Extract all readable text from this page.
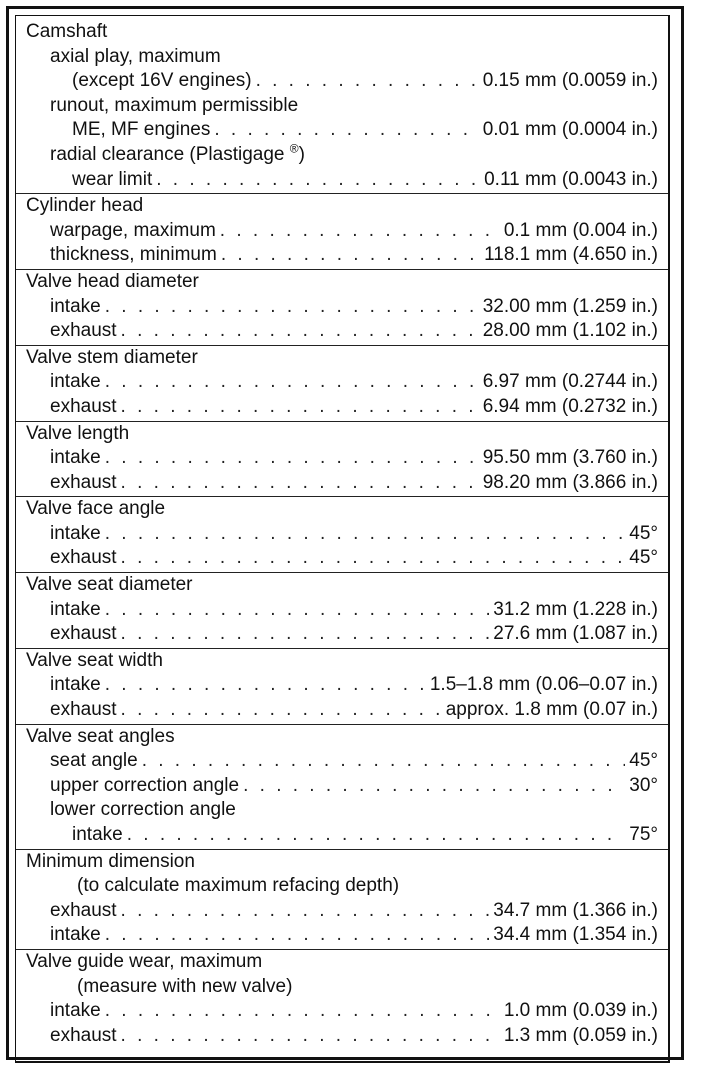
Camshaft
axial play, maximum
(except 16V engines) . . .	0.15 mm (0.0059 in.)
runout, maximum permissible
ME, MF engines . . .	0.01 mm (0.0004 in.)
radial clearance (Plastigage ®)
wear limit . . .	0.11 mm (0.0043 in.)
Cylinder head
warpage, maximum . . .	0.1 mm (0.004 in.)
thickness, minimum . . .	118.1 mm (4.650 in.)
Valve head diameter
intake . . .	32.00 mm (1.259 in.)
exhaust . . .	28.00 mm (1.102 in.)
Valve stem diameter
intake . . .	6.97 mm (0.2744 in.)
exhaust . . .	6.94 mm (0.2732 in.)
Valve length
intake . . .	95.50 mm (3.760 in.)
exhaust . . .	98.20 mm (3.866 in.)
Valve face angle
intake . . .	45°
exhaust . . .	45°
Valve seat diameter
intake . . .	31.2 mm (1.228 in.)
exhaust . . .	27.6 mm (1.087 in.)
Valve seat width
intake . . .	1.5–1.8 mm (0.06–0.07 in.)
exhaust . . .	approx. 1.8 mm (0.07 in.)
Valve seat angles
seat angle . . .	45°
upper correction angle . . .	30°
lower correction angle
intake . . .	75°
Minimum dimension
(to calculate maximum refacing depth)
exhaust . . .	34.7 mm (1.366 in.)
intake . . .	34.4 mm (1.354 in.)
Valve guide wear, maximum
(measure with new valve)
intake . . .	1.0 mm (0.039 in.)
exhaust . . .	1.3 mm (0.059 in.)
